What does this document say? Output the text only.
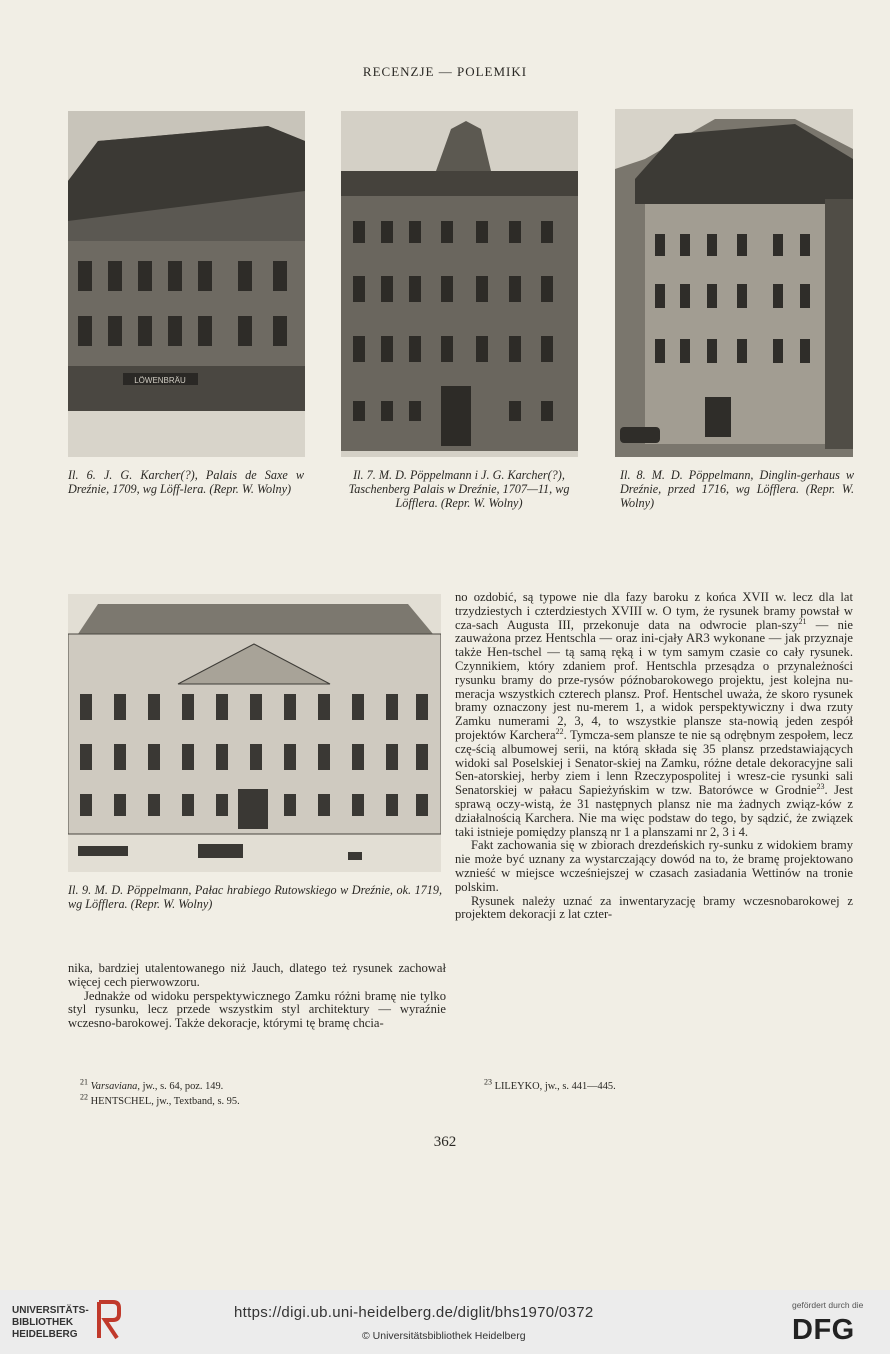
RECENZJE — POLEMIKI
LÖWENBRÄU
Il. 6. J. G. Karcher(?), Palais de Saxe w Dreźnie, 1709, wg Löff-lera. (Repr. W. Wolny)
Il. 7. M. D. Pöppelmann i J. G. Karcher(?), Taschenberg Palais w Dreźnie, 1707—11, wg Löfflera. (Repr. W. Wolny)
Il. 8. M. D. Pöppelmann, Dinglin-gerhaus w Dreźnie, przed 1716, wg Löfflera. (Repr. W. Wolny)
Il. 9. M. D. Pöppelmann, Pałac hrabiego Rutowskiego w Dreźnie, ok. 1719, wg Löfflera. (Repr. W. Wolny)

nika, bardziej utalentowanego niż Jauch, dlatego też rysunek zachował więcej cech pierwowzoru.

Jednakże od widoku perspektywicznego Zamku różni bramę nie tylko styl rysunku, lecz przede wszystkim styl architektury — wyraźnie wczesno-barokowej. Także dekoracje, którymi tę bramę chcia-

no ozdobić, są typowe nie dla fazy baroku z końca XVII w. lecz dla lat trzydziestych i czterdziestych XVIII w. O tym, że rysunek bramy powstał w cza-sach Augusta III, przekonuje data na odwrocie plan-szy$^{21}$ — nie zauważona przez Hentschla — oraz ini-cjały AR3 wykonane — jak przyznaje także Hen-tschel — tą samą ręką i w tym samym czasie co cały rysunek. Czynnikiem, który zdaniem prof. Hentschla przesądza o przynależności rysunku bramy do prze-rysów późnobarokowego projektu, jest kolejna nu-meracja wszystkich czterech plansz. Prof. Hentschel uważa, że skoro rysunek bramy oznaczony jest nu-merem 1, a widok perspektywiczny i dwa rzuty Zamku numerami 2, 3, 4, to wszystkie plansze sta-nowią jeden zespół projektów Karchera$^{22}$. Tymcza-sem plansze te nie są odrębnym zespołem, lecz czę-ścią albumowej serii, na którą składa się 35 plansz przedstawiających widoki sal Poselskiej i Senator-skiej na Zamku, różne detale dekoracyjne sali Sen-atorskiej, herby ziem i lenn Rzeczypospolitej i wresz-cie rysunki sali Senatorskiej w pałacu Sapieżyńskim w tzw. Batorówce w Grodnie$^{23}$. Jest sprawą oczy-wistą, że 31 następnych plansz nie ma żadnych związ-ków z działalnością Karchera. Nie ma więc podstaw do tego, by sądzić, że związek taki istnieje pomiędzy planszą nr 1 a planszami nr 2, 3 i 4.

Fakt zachowania się w zbiorach drezdeńskich ry-sunku z widokiem bramy nie może być uznany za wystarczający dowód na to, że bramę projektowano wznieść w miejsce wcześniejszej w czasach zasiadania Wettinów na tronie polskim.

Rysunek należy uznać za inwentaryzację bramy wczesnobarokowej z projektem dekoracji z lat czter-

$^{21}$ Varsaviana, jw., s. 64, poz. 149.
$^{22}$ HENTSCHEL, jw., Textband, s. 95.
$^{23}$ LILEYKO, jw., s. 441—445.
362
UNIVERSITÄTS-
BIBLIOTHEK
HEIDELBERG
https://digi.ub.uni-heidelberg.de/diglit/bhs1970/0372
© Universitätsbibliothek Heidelberg
gefördert durch die
DFG
